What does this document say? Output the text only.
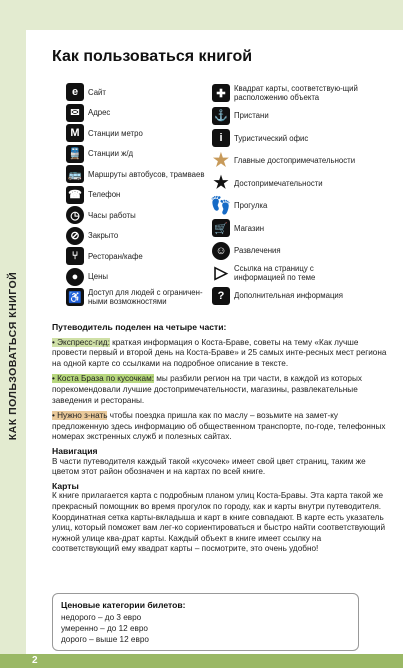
КАК ПОЛЬЗОВАТЬСЯ КНИГОЙ
2
Как пользоваться книгой
e	Сайт
✉	Адрес
M	Станции метро
🚆 Станции ж/д
🚌 Маршруты автобусов, трамваев
☎ Телефон
◷	Часы работы
⊘	Закрыто
⑂	Ресторан/кафе
●	Цены
♿ Доступ для людей с ограничен-ными возможностями
✚	Квадрат карты, соответствую-щий расположению объекта
⚓ Пристани
i	Туристический офис
★ Главные достопримечательности
★ Достопримечательности
👣 Прогулка
🛒 Магазин
☺ Развлечения
▷ Ссылка на страницу с информацией по теме
?	Дополнительная информация
Путеводитель поделен на четыре части:
• Экспресс-гид: краткая информация о Коста-Браве, советы на тему «Как лучше провести первый и второй день на Коста-Браве» и 25 самых инте-ресных мест региона на одной карте со ссылками на подробное описание в тексте.
• Коста Браза по кусочкам: мы разбили регион на три части, в каждой из которых порекомендовали лучшие достопримечательности, магазины, развлекательные заведения и рестораны.
• Нужно з-нать чтобы поездка пришла как по маслу – возьмите на замет-ку предложенную здесь информацию об общественном транспорте, по-годе, телефонных номерах экстренных служб и полезных сайтах.
Навигация
В части путеводителя каждый такой «кусочек» имеет свой цвет страниц, таким же цветом этот район обозначен и на картах по всей книге.
Карты
К книге прилагается карта с подробным планом улиц Коста-Бравы. Эта карта такой же прекрасный помощник во время прогулок по городу, как и карты внутри путеводителя. Координатная сетка карты-вкладыша и карт в книге совпадают. В карте есть указатель улиц, который поможет вам лег-ко сориентироваться и быстро найти соответствующий нужной улице ква-драт карты. Каждый объект в книге имеет ссылку на соответствующий ему квадрат карты – посмотрите, это очень удобно!
Ценовые категории билетов:
недорого – до 3 евро
умеренно – до 12 евро
дорого – выше 12 евро
